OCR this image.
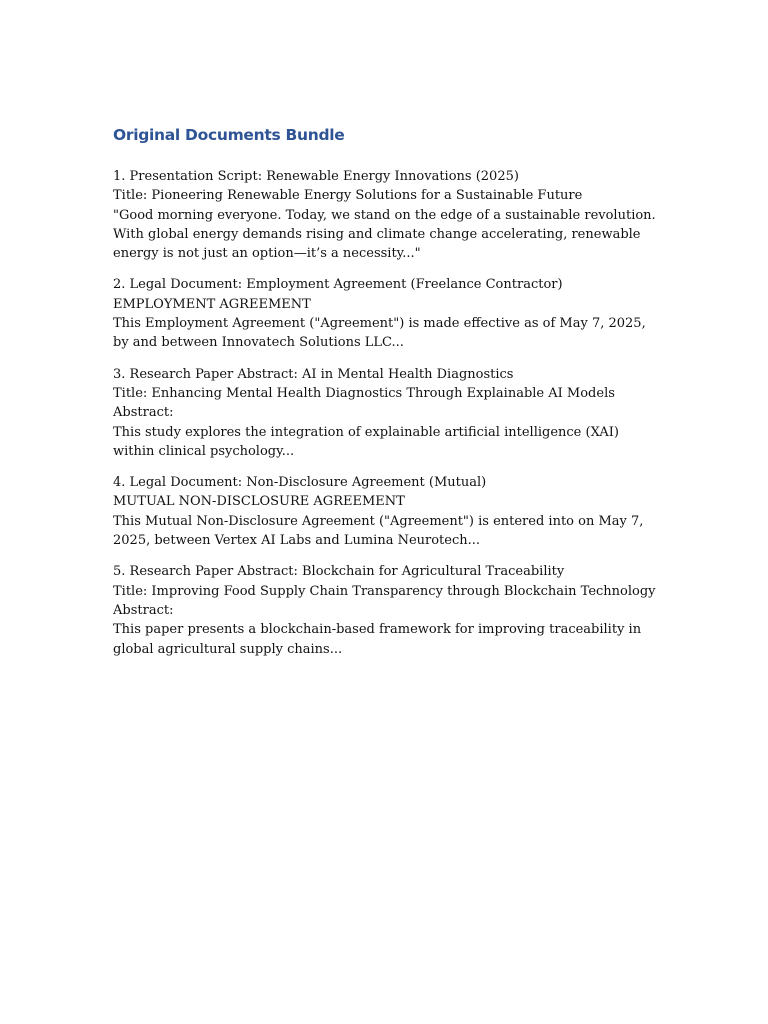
Original Documents Bundle
1. Presentation Script: Renewable Energy Innovations (2025)
Title: Pioneering Renewable Energy Solutions for a Sustainable Future
"Good morning everyone. Today, we stand on the edge of a sustainable revolution. With global energy demands rising and climate change accelerating, renewable energy is not just an option—it’s a necessity..."
2. Legal Document: Employment Agreement (Freelance Contractor)
EMPLOYMENT AGREEMENT
This Employment Agreement ("Agreement") is made effective as of May 7, 2025, by and between Innovatech Solutions LLC...
3. Research Paper Abstract: AI in Mental Health Diagnostics
Title: Enhancing Mental Health Diagnostics Through Explainable AI Models
Abstract:
This study explores the integration of explainable artificial intelligence (XAI) within clinical psychology...
4. Legal Document: Non-Disclosure Agreement (Mutual)
MUTUAL NON-DISCLOSURE AGREEMENT
This Mutual Non-Disclosure Agreement ("Agreement") is entered into on May 7, 2025, between Vertex AI Labs and Lumina Neurotech...
5. Research Paper Abstract: Blockchain for Agricultural Traceability
Title: Improving Food Supply Chain Transparency through Blockchain Technology
Abstract:
This paper presents a blockchain-based framework for improving traceability in global agricultural supply chains...
